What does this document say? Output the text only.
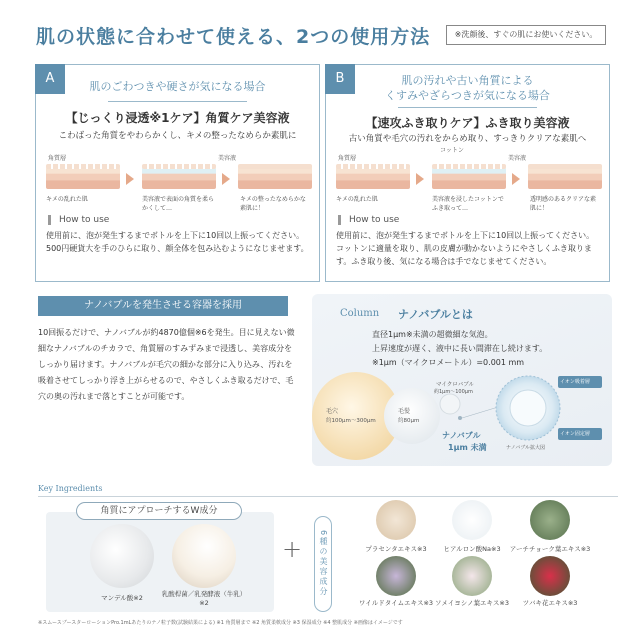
肌の状態に合わせて使える、2つの使用方法	※洗顔後、すぐの肌にお使いください。
A
肌のごわつきや硬さが気になる場合
【じっくり浸透※1ケア】角質ケア美容液
こわばった角質をやわらかくし、キメの整ったなめらか素肌に
角質層	美容液
キメの乱れた肌	美容液で表面の角質を柔らかくして…
キメの整ったなめらかな素肌に！
How to use
使用前に、泡が発生するまでボトルを上下に10回以上振ってください。500円硬貨大を手のひらに取り、顔全体を包み込むようになじませます。
B	肌の汚れや古い角質による
くすみやざらつきが気になる場合
【速攻ふき取りケア】ふき取り美容液
古い角質や毛穴の汚れをからめ取り、すっきりクリアな素肌へ
角質層
コットン
美容液
キメの乱れた肌	美容液を浸したコットンでふき取って…
透明感のあるクリアな素肌に！
How to use
使用前に、泡が発生するまでボトルを上下に10回以上振ってください。コットンに適量を取り、肌の皮膚が動かないようにやさしくふき取ります。ふき取り後、気になる場合は手でなじませてください。
ナノバブルを発生させる容器を採用
10回振るだけで、ナノバブルが約4870億個※6を発生。目に見えない微細なナノバブルのチカラで、角質層のすみずみまで浸透し、美容成分をしっかり届けます。ナノバブルが毛穴の細かな部分に入り込み、汚れを吸着させてしっかり浮き上がらせるので、やさしくふき取るだけで、毛穴の奥の汚れまで落とすことが可能です。
Column ナノバブルとは
直径1μm※未満の超微細な気泡。
上昇速度が遅く、液中に長い間滞在し続けます。
※1μm（マイクロメートル）=0.001 mm
毛穴
約100μm〜300μm
毛髪
約80μm
マイクロバブル
約1μm〜100μm
ナノバブル
1μm 未満
イオン吸着層
イオン固定層
ナノバブル拡大図
Key Ingredients
角質にアプローチするW成分
マンデル酸※2	乳酸桿菌／乳発酵液（牛乳）※2
+	6種の美容成分	プラセンタエキス※3	ヒアルロン酸Na※3	アーチチョーク葉エキス※3
ワイルドタイムエキス※3 ソメイヨシノ葉エキス※3	ツバキ花エキス※3
※スムースブースターローションPro.1mLあたりのナノ粒子数(試験結果による) ※1 角質層まで ※2 角質柔軟成分 ※3 保湿成分 ※4 整肌成分 ※画像はイメージです
